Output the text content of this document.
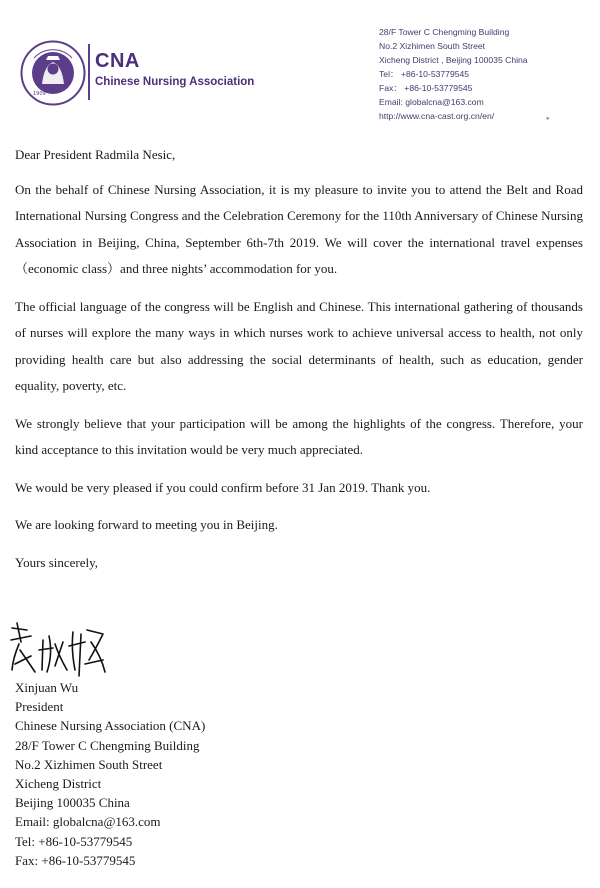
1909
CNA
Chinese Nursing Association
28/F Tower C Chengming Building
No.2 Xizhimen South Street
Xicheng District , Beijing 100035 China
Tel： +86-10-53779545
Fax： +86-10-53779545
Email: globalcna@163.com
http://www.cna-cast.org.cn/en/	*

Dear President Radmila Nesic,

On the behalf of Chinese Nursing Association, it is my pleasure to invite you to attend the Belt and Road International Nursing Congress and the Celebration Ceremony for the 110th Anniversary of Chinese Nursing Association in Beijing, China, September 6th-7th 2019. We will cover the international travel expenses（economic class）and three nights’ accommodation for you.

The official language of the congress will be English and Chinese. This international gathering of thousands of nurses will explore the many ways in which nurses work to achieve universal access to health, not only providing health care but also addressing the social determinants of health, such as education, gender equality, poverty, etc.

We strongly believe that your participation will be among the highlights of the congress. Therefore, your kind acceptance to this invitation would be very much appreciated.

We would be very pleased if you could confirm before 31 Jan 2019. Thank you.

We are looking forward to meeting you in Beijing.

Yours sincerely,

Xinjuan Wu
President
Chinese Nursing Association (CNA)
28/F Tower C Chengming Building
No.2 Xizhimen South Street
Xicheng District
Beijing 100035 China
Email: globalcna@163.com
Tel: +86-10-53779545
Fax: +86-10-53779545
